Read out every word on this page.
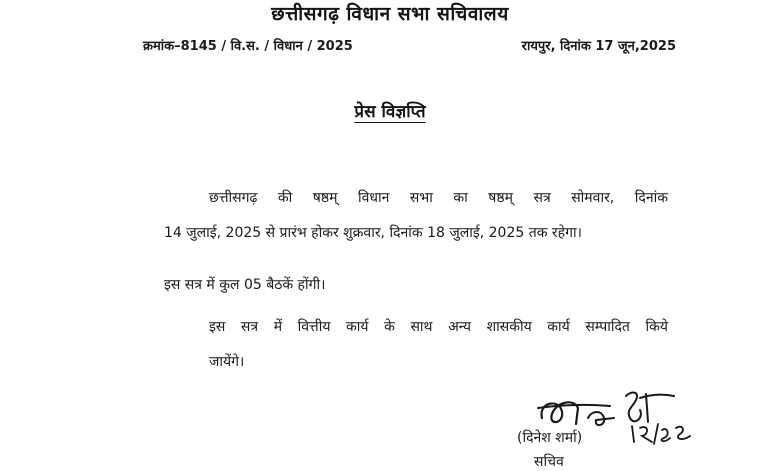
छत्तीसगढ़ विधान सभा सचिवालय
क्रमांक–8145 / वि.स. / विधान / 2025	रायपुर, दिनांक 17 जून,2025
प्रेस विज्ञप्ति
छत्तीसगढ़ की षष्ठम् विधान सभा का षष्ठम् सत्र सोमवार, दिनांक
14 जुलाई, 2025 से प्रारंभ होकर शुक्रवार, दिनांक 18 जुलाई, 2025 तक रहेगा।
इस सत्र में कुल 05 बैठकें होंगी।
इस सत्र में वित्तीय कार्य के साथ अन्य शासकीय कार्य सम्पादित किये
जायेंगे।
(दिनेश शर्मा)
सचिव
